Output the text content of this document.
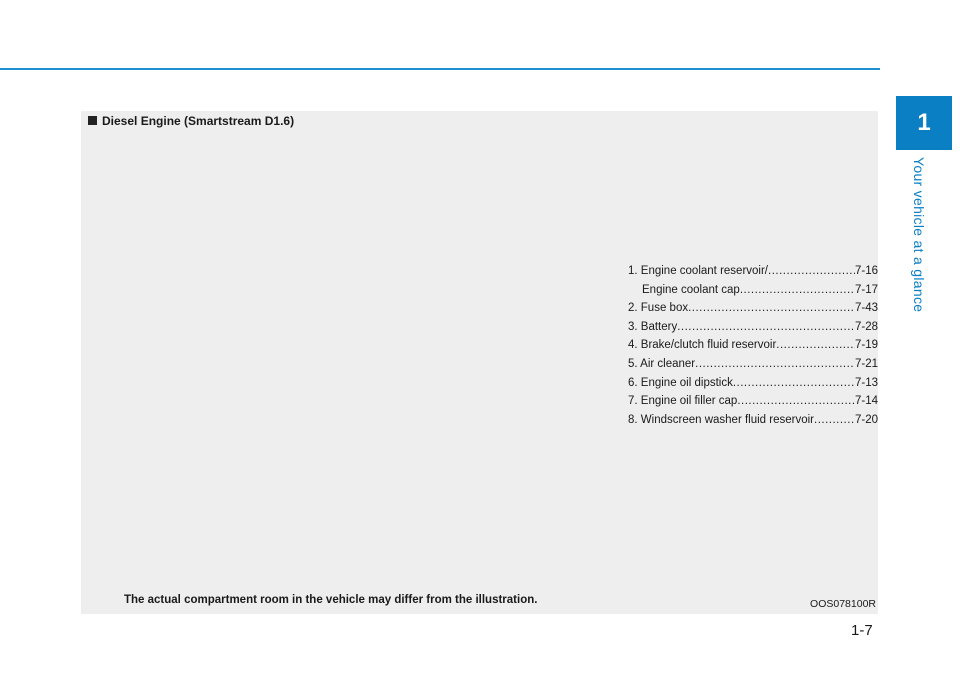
1
Your vehicle at a glance
Diesel Engine (Smartstream D1.6)
1. Engine coolant reservoir/ .....	7-16
Engine coolant cap .....	7-17
2. Fuse box .....	7-43
3. Battery .....	7-28
4. Brake/clutch fluid reservoir .....	7-19
5. Air cleaner .....	7-21
6. Engine oil dipstick .....	7-13
7. Engine oil filler cap .....	7-14
8. Windscreen washer fluid reservoir .....	7-20
The actual compartment room in the vehicle may differ from the illustration.	OOS078100R
1-7
